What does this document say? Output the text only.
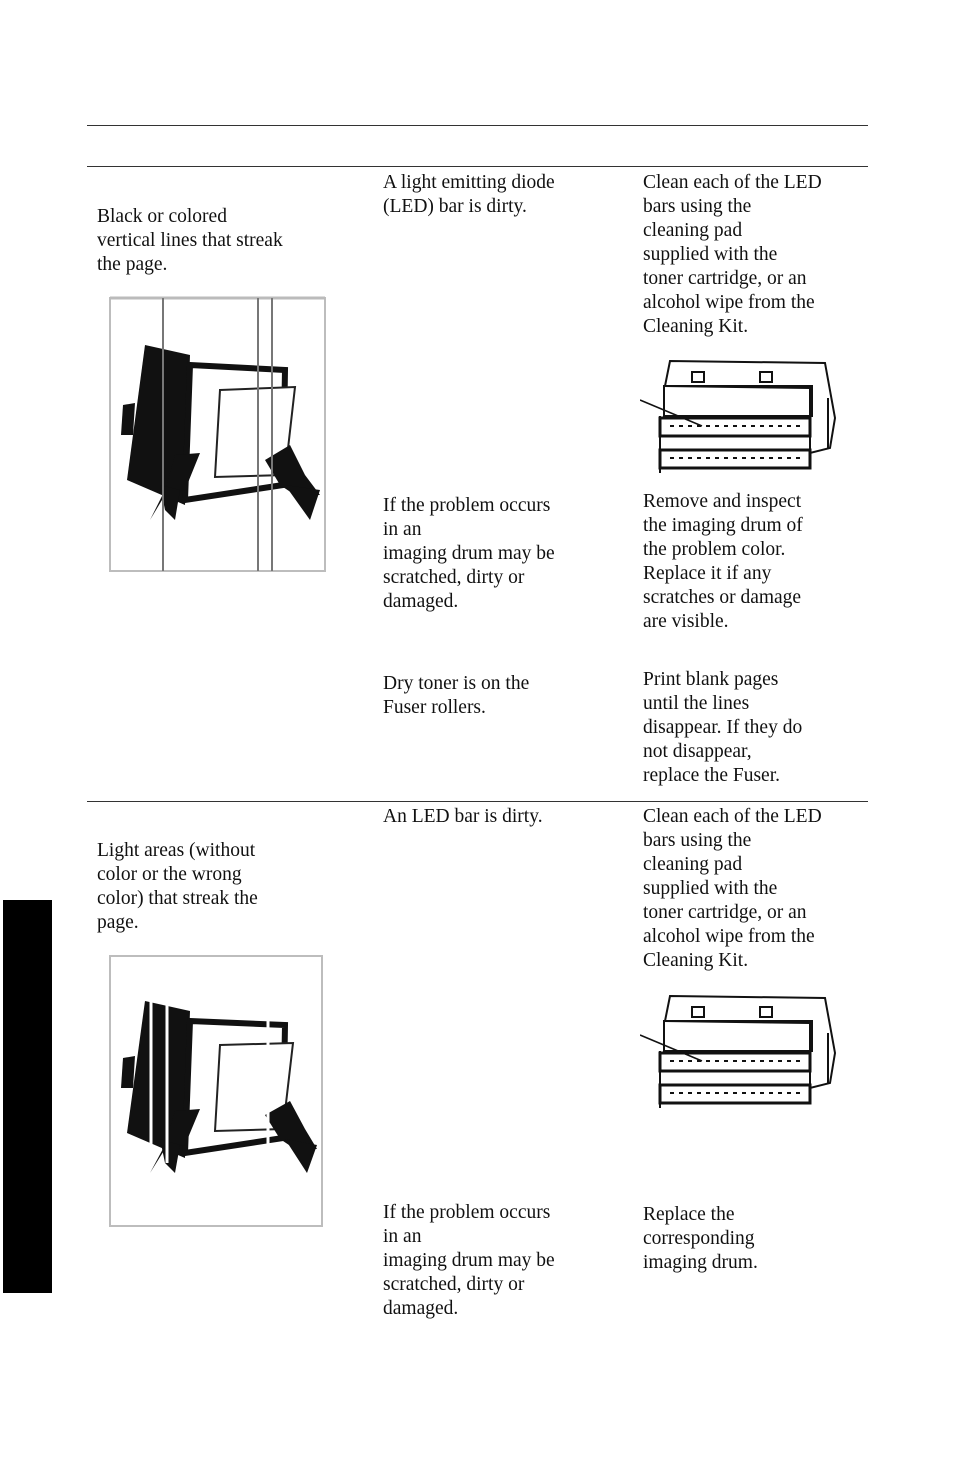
Black or colored
vertical lines that streak
the page.

A light emitting diode
(LED) bar is dirty.

If the problem occurs
in an
imaging drum may be
scratched, dirty or
damaged.

Dry toner is on the
Fuser rollers.

Clean each of the LED
bars using the
cleaning pad
supplied with the
toner cartridge, or an
alcohol wipe from the
Cleaning Kit.

Remove and inspect
the imaging drum of
the problem color.
Replace it if any
scratches or damage
are visible.

Print blank pages
until the lines
disappear. If they do
not disappear,
replace the Fuser.

Light areas (without
color or the wrong
color) that streak the
page.

An LED bar is dirty.

If the problem occurs
in an
imaging drum may be
scratched, dirty or
damaged.

Clean each of the LED
bars using the
cleaning pad
supplied with the
toner cartridge, or an
alcohol wipe from the
Cleaning Kit.

Replace the
corresponding
imaging drum.
